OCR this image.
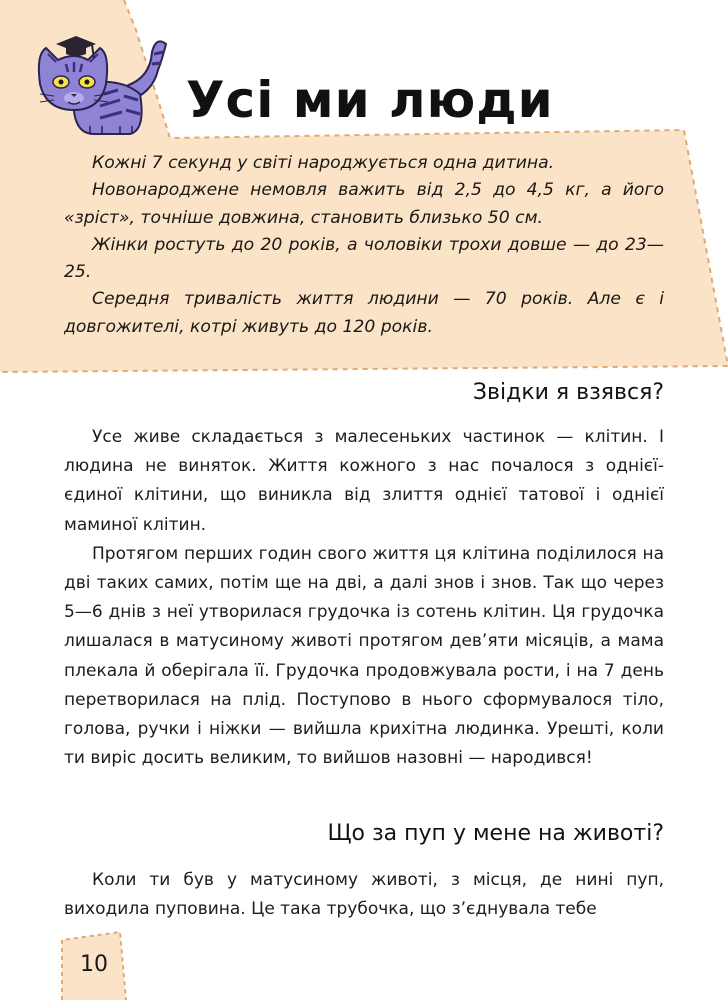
Усі ми люди

Кожні 7 секунд у світі народжується одна дитина.

Новонароджене немовля важить від 2,5 до 4,5 кг, а його «зріст», точніше довжина, становить близько 50 см.

Жінки ростуть до 20 років, а чоловіки трохи довше — до 23—25.

Середня тривалість життя людини — 70 років. Але є і довгожителі, котрі живуть до 120 років.

Звідки я взявся?

Усе живе складається з малесеньких частинок — клітин. І людина не виняток. Життя кожного з нас почалося з однієї-єдиної клітини, що виникла від злиття однієї татової і однієї маминої клітин.

Протягом перших годин свого життя ця клітина поділилося на дві таких самих, потім ще на дві, а далі знов і знов. Так що через 5—6 днів з неї утворилася грудочка із сотень клітин. Ця грудочка лишалася в матусиному животі протягом дев’яти місяців, а мама плекала й оберігала її. Грудочка продовжувала рости, і на 7 день перетворилася на плід. Поступово в нього сформувалося тіло, голова, ручки і ніжки — вийшла крихітна людинка. Урешті, коли ти виріс досить великим, то вийшов назовні — народився!

Що за пуп у мене на животі?

Коли ти був у матусиному животі, з місця, де нині пуп, виходила пуповина. Це така трубочка, що з’єднувала тебе

10
